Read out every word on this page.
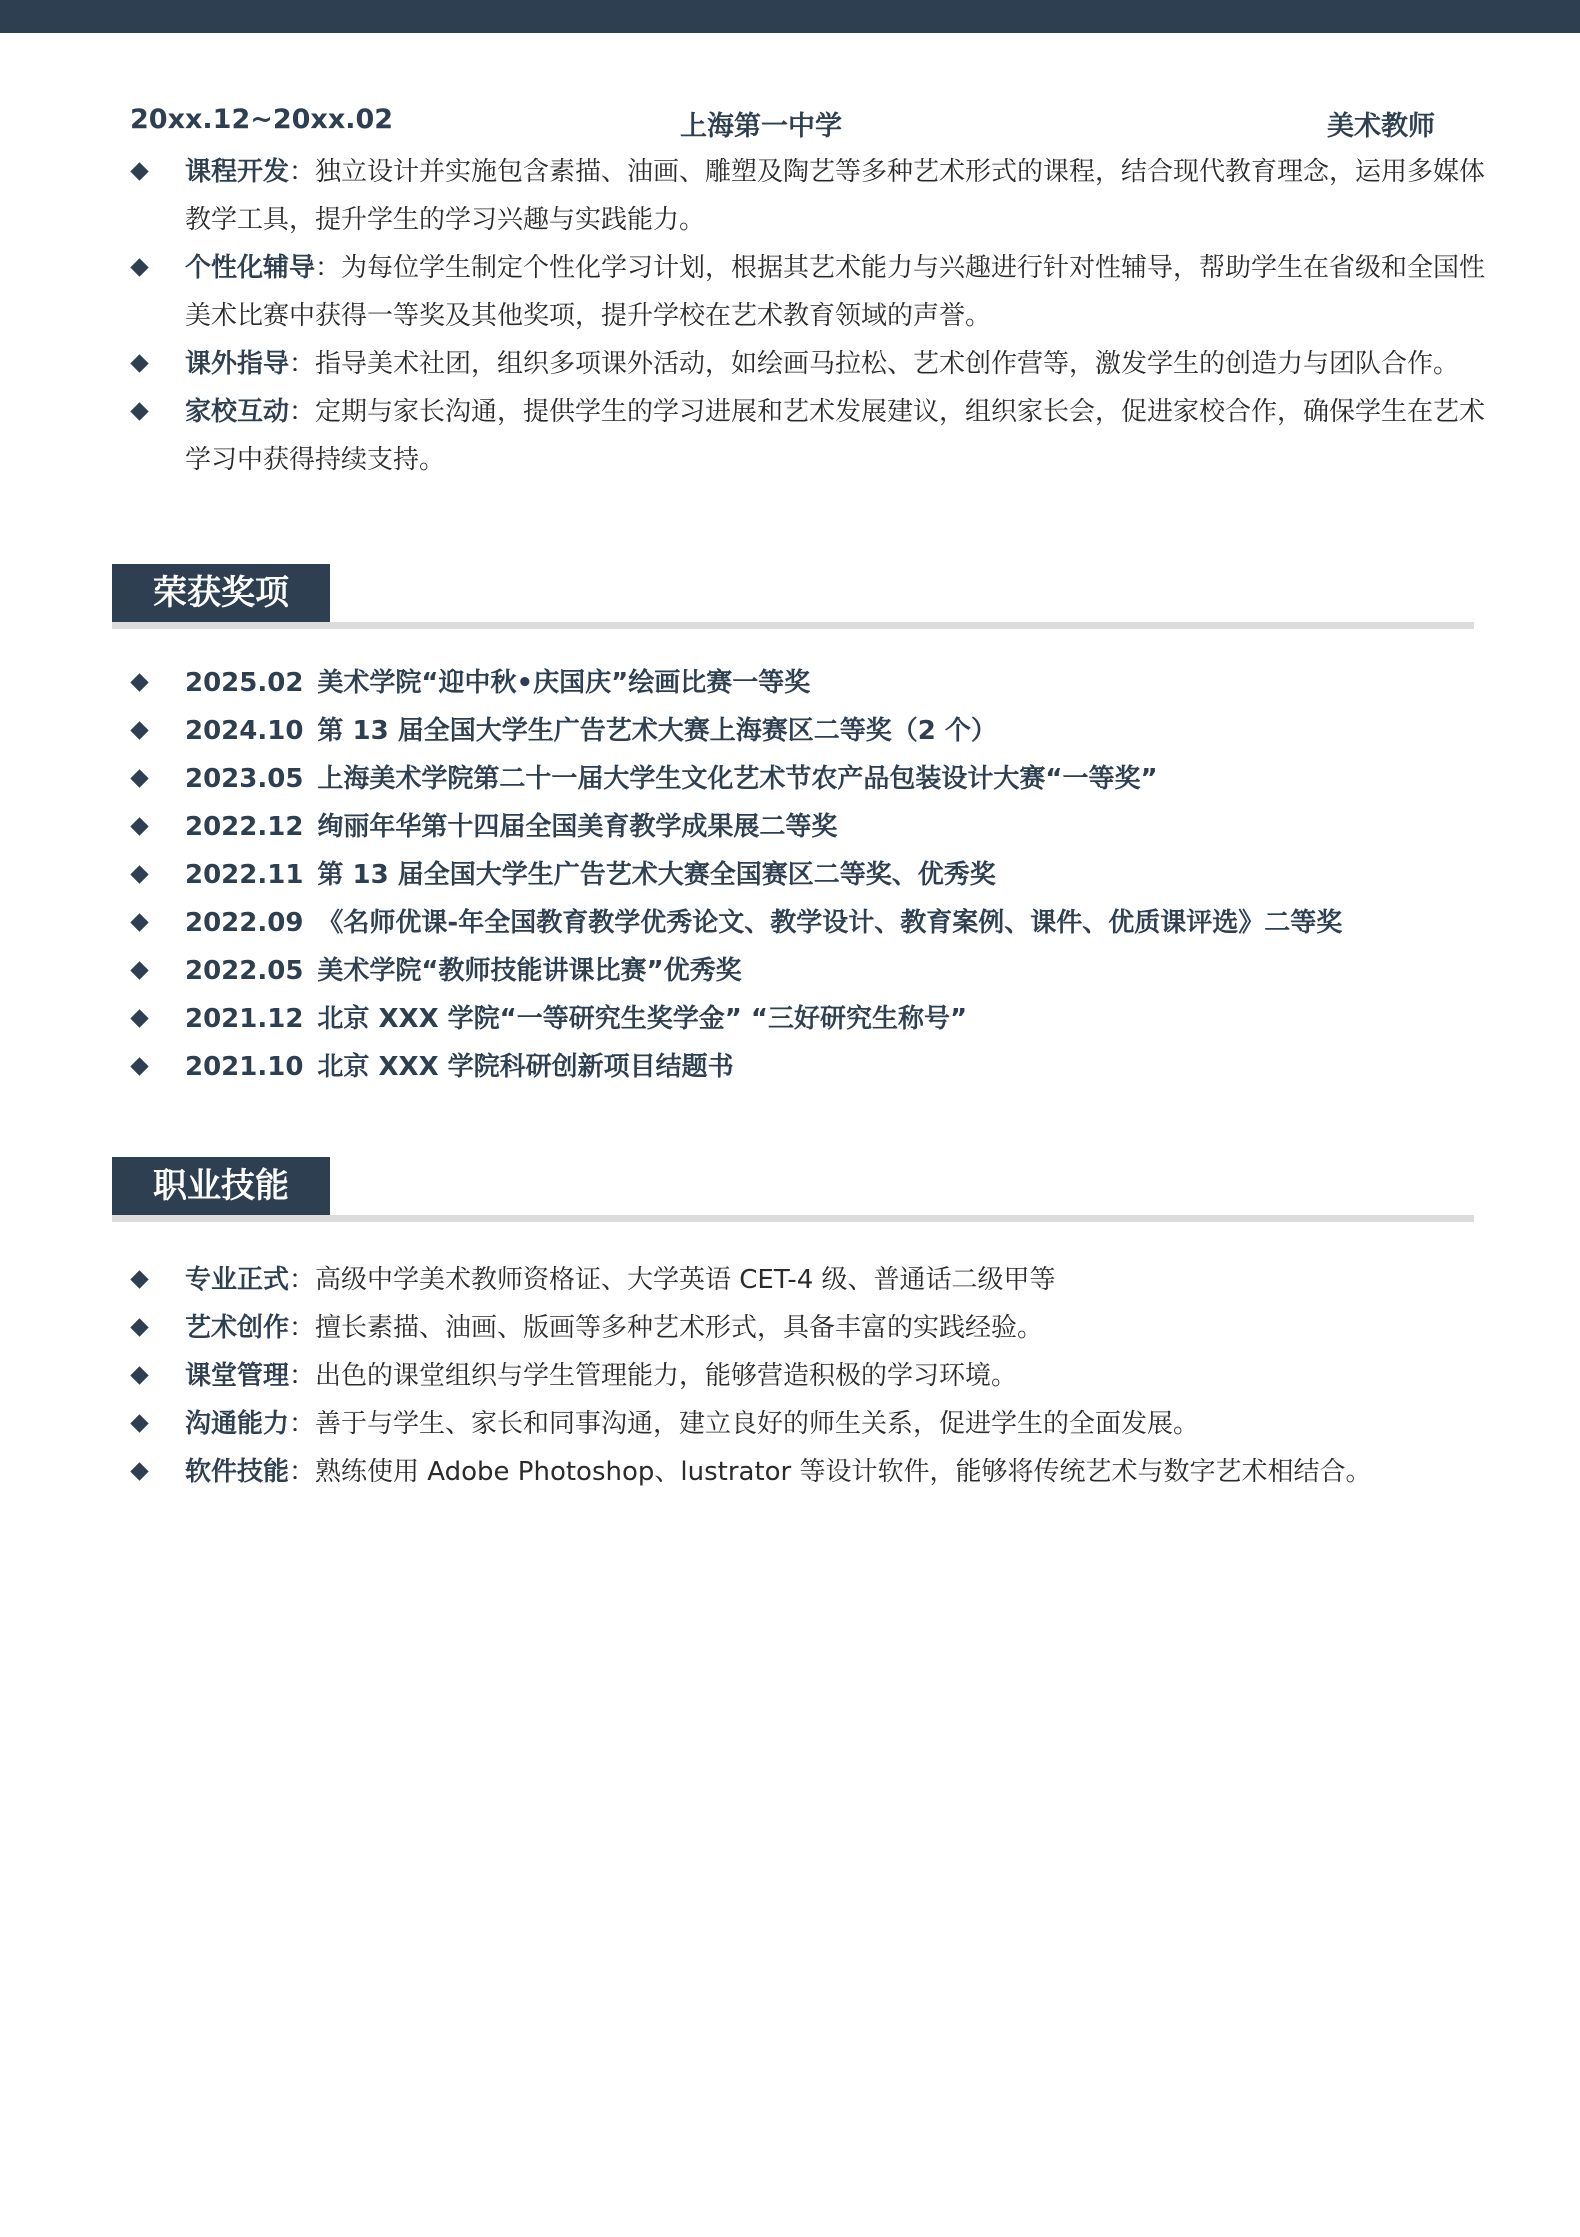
20xx.12~20xx.02	上海第一中学	美术教师
课程开发：独立设计并实施包含素描、油画、雕塑及陶艺等多种艺术形式的课程，结合现代教育理念，运用多媒体教学工具，提升学生的学习兴趣与实践能力。
个性化辅导：为每位学生制定个性化学习计划，根据其艺术能力与兴趣进行针对性辅导，帮助学生在省级和全国性美术比赛中获得一等奖及其他奖项，提升学校在艺术教育领域的声誉。
课外指导：指导美术社团，组织多项课外活动，如绘画马拉松、艺术创作营等，激发学生的创造力与团队合作。
家校互动：定期与家长沟通，提供学生的学习进展和艺术发展建议，组织家长会，促进家校合作，确保学生在艺术学习中获得持续支持。
荣获奖项
2025.02 美术学院“迎中秋•庆国庆”绘画比赛一等奖
2024.10 第 13 届全国大学生广告艺术大赛上海赛区二等奖（2 个）
2023.05 上海美术学院第二十一届大学生文化艺术节农产品包装设计大赛“一等奖”
2022.12 绚丽年华第十四届全国美育教学成果展二等奖
2022.11 第 13 届全国大学生广告艺术大赛全国赛区二等奖、优秀奖
2022.09 《名师优课-年全国教育教学优秀论文、教学设计、教育案例、课件、优质课评选》二等奖
2022.05 美术学院“教师技能讲课比赛”优秀奖
2021.12 北京 XXX 学院“一等研究生奖学金” “三好研究生称号”
2021.10 北京 XXX 学院科研创新项目结题书
职业技能
专业正式：高级中学美术教师资格证、大学英语 CET-4 级、普通话二级甲等
艺术创作：擅长素描、油画、版画等多种艺术形式，具备丰富的实践经验。
课堂管理：出色的课堂组织与学生管理能力，能够营造积极的学习环境。
沟通能力：善于与学生、家长和同事沟通，建立良好的师生关系，促进学生的全面发展。
软件技能：熟练使用 Adobe Photoshop、lustrator 等设计软件，能够将传统艺术与数字艺术相结合。
